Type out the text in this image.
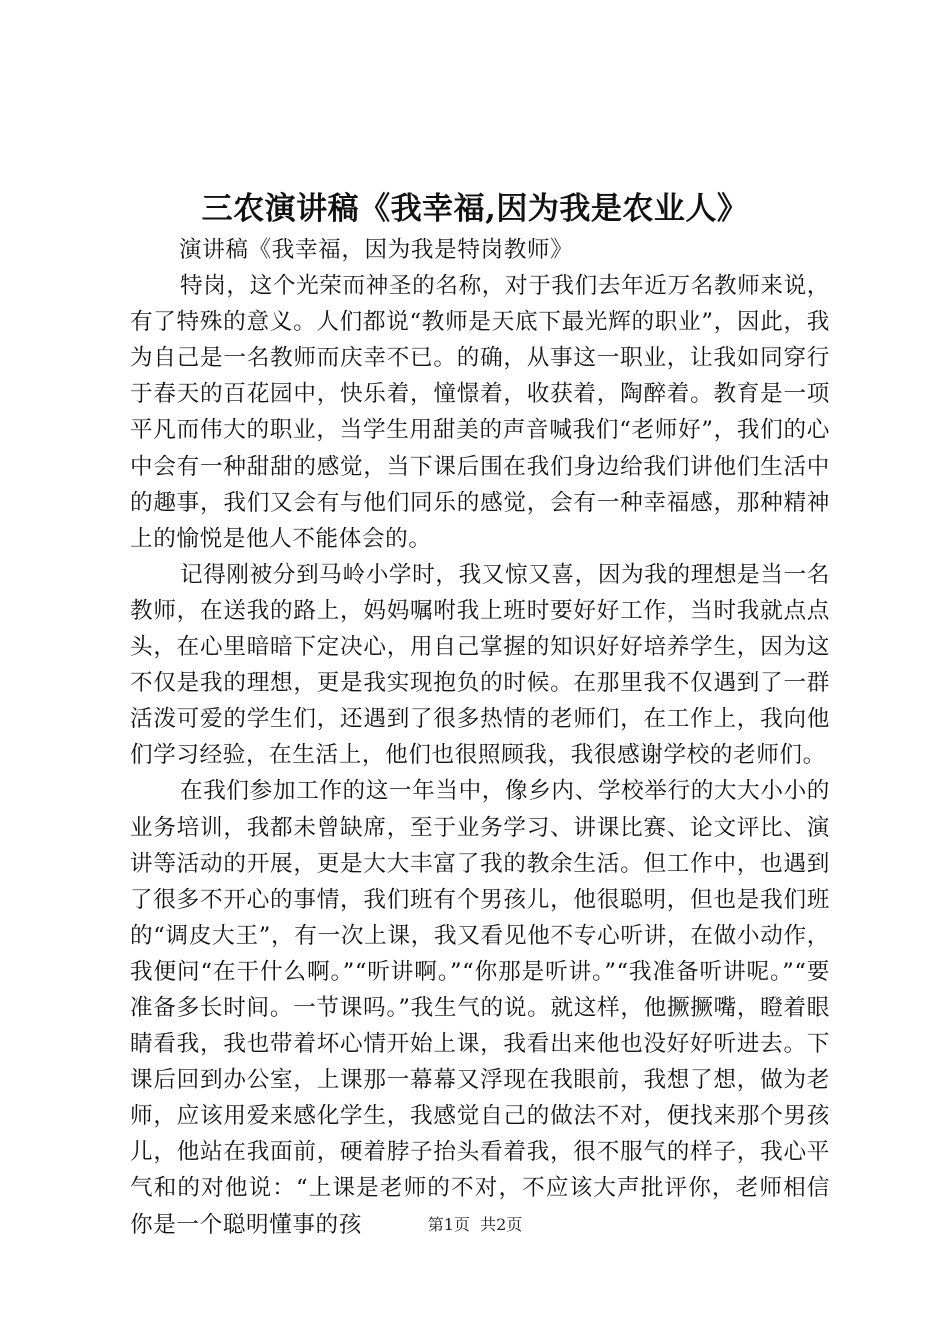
三农演讲稿《我幸福,因为我是农业人》

演讲稿《我幸福，因为我是特岗教师》

特岗，这个光荣而神圣的名称，对于我们去年近万名教师来说，有了特殊的意义。人们都说“教师是天底下最光辉的职业”，因此，我为自己是一名教师而庆幸不已。的确，从事这一职业，让我如同穿行于春天的百花园中，快乐着，憧憬着，收获着，陶醉着。教育是一项平凡而伟大的职业，当学生用甜美的声音喊我们“老师好”，我们的心中会有一种甜甜的感觉，当下课后围在我们身边给我们讲他们生活中的趣事，我们又会有与他们同乐的感觉，会有一种幸福感，那种精神上的愉悦是他人不能体会的。

记得刚被分到马岭小学时，我又惊又喜，因为我的理想是当一名教师，在送我的路上，妈妈嘱咐我上班时要好好工作，当时我就点点头，在心里暗暗下定决心，用自己掌握的知识好好培养学生，因为这不仅是我的理想，更是我实现抱负的时候。在那里我不仅遇到了一群活泼可爱的学生们，还遇到了很多热情的老师们，在工作上，我向他们学习经验，在生活上，他们也很照顾我，我很感谢学校的老师们。

在我们参加工作的这一年当中，像乡内、学校举行的大大小小的业务培训，我都未曾缺席，至于业务学习、讲课比赛、论文评比、演讲等活动的开展，更是大大丰富了我的教余生活。但工作中，也遇到了很多不开心的事情，我们班有个男孩儿，他很聪明，但也是我们班的“调皮大王”，有一次上课，我又看见他不专心听讲，在做小动作，我便问“在干什么啊。”“听讲啊。”“你那是听讲。”“我准备听讲呢。”“要准备多长时间。一节课吗。”我生气的说。就这样，他撅撅嘴，瞪着眼睛看我，我也带着坏心情开始上课，我看出来他也没好好听进去。下课后回到办公室，上课那一幕幕又浮现在我眼前，我想了想，做为老师，应该用爱来感化学生，我感觉自己的做法不对，便找来那个男孩儿，他站在我面前，硬着脖子抬头看着我，很不服气的样子，我心平气和的对他说：“上课是老师的不对，不应该大声批评你，老师相信你是一个聪明懂事的孩	第1页  共2页
